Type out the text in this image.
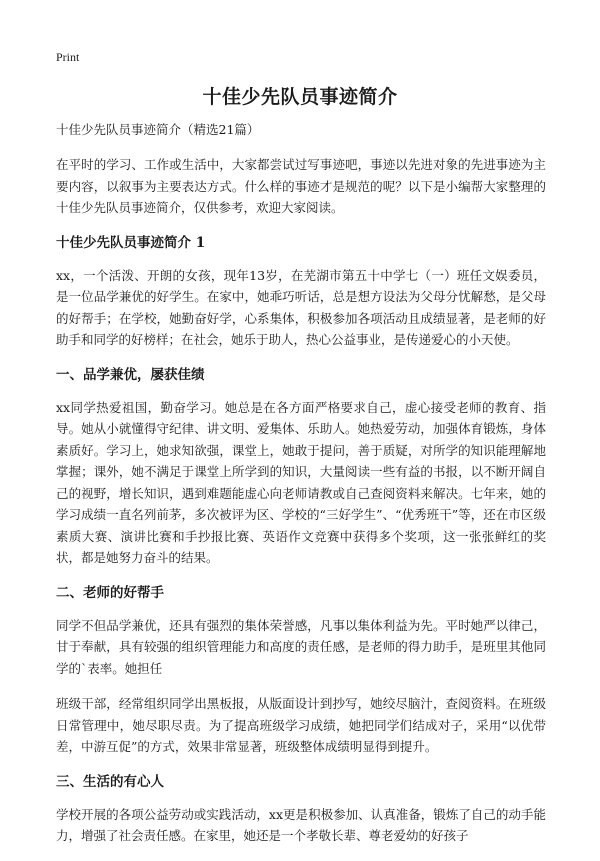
Print
十佳少先队员事迹简介
十佳少先队员事迹简介（精选21篇）

在平时的学习、工作或生活中，大家都尝试过写事迹吧，事迹以先进对象的先进事迹为主要内容，以叙事为主要表达方式。什么样的事迹才是规范的呢？以下是小编帮大家整理的十佳少先队员事迹简介，仅供参考，欢迎大家阅读。

十佳少先队员事迹简介 1

xx，一个活泼、开朗的女孩，现年13岁，在芜湖市第五十中学七（一）班任文娱委员，是一位品学兼优的好学生。在家中，她乖巧听话，总是想方设法为父母分忧解愁，是父母的好帮手；在学校，她勤奋好学，心系集体，积极参加各项活动且成绩显著，是老师的好助手和同学的好榜样；在社会，她乐于助人，热心公益事业，是传递爱心的小天使。

一、品学兼优，屡获佳绩

xx同学热爱祖国，勤奋学习。她总是在各方面严格要求自己，虚心接受老师的教育、指导。她从小就懂得守纪律、讲文明、爱集体、乐助人。她热爱劳动，加强体育锻炼，身体素质好。学习上，她求知欲强，课堂上，她敢于提问，善于质疑，对所学的知识能理解地掌握；课外，她不满足于课堂上所学到的知识，大量阅读一些有益的书报，以不断开阔自己的视野，增长知识，遇到难题能虚心向老师请教或自己查阅资料来解决。七年来，她的学习成绩一直名列前茅，多次被评为区、学校的“三好学生”、“优秀班干”等，还在市区级素质大赛、演讲比赛和手抄报比赛、英语作文竞赛中获得多个奖项，这一张张鲜红的奖状，都是她努力奋斗的结果。

二、老师的好帮手

同学不但品学兼优，还具有强烈的集体荣誉感，凡事以集体利益为先。平时她严以律己，甘于奉献，具有较强的组织管理能力和高度的责任感，是老师的得力助手，是班里其他同学的`表率。她担任

班级干部，经常组织同学出黑板报，从版面设计到抄写，她绞尽脑汁，查阅资料。在班级日常管理中，她尽职尽责。为了提高班级学习成绩，她把同学们结成对子，采用“以优带差，中游互促”的方式，效果非常显著，班级整体成绩明显得到提升。

三、生活的有心人

学校开展的各项公益劳动或实践活动，xx更是积极参加、认真准备，锻炼了自己的动手能力，增强了社会责任感。在家里，她还是一个孝敬长辈、尊老爱幼的好孩子
